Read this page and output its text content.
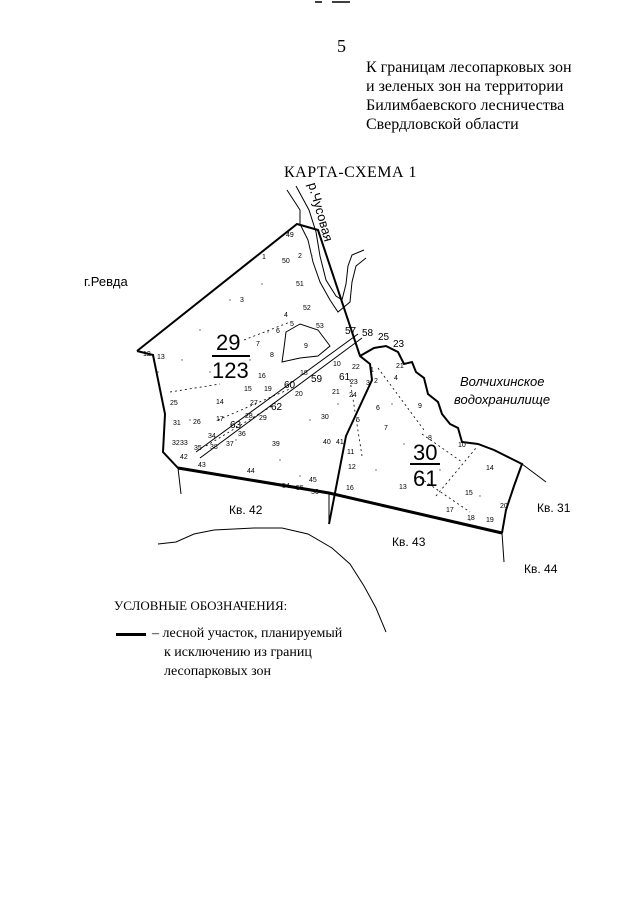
5
К границам лесопарковых зон
и зеленых зон на территории
Билимбаевского лесничества
Свердловской области
КАРТА-СХЕМА 1
г.Ревда
р.Чусовая
Волчихинское
водохранилище
29
123
30
61
Кв. 42
Кв. 43
Кв. 44
Кв. 31
49
2
50
1
51
3
52
4
5	53
6
7
8
9
57 58 25
23
10 22	21
12 13
16	18
59 61 23 3 2 4
1
15 19 60
14	27 62
21 24
20
9
25
31 26 17
63
28 29
6
5
30
36
34
33
32
35 38 37	39
7
40 41
8
10
11
42
43
44
12	14
13
15
54 55
56
45
16
17
18 19
20
УСЛОВНЫЕ ОБОЗНАЧЕНИЯ:
– лесной участок, планируемый
к исключению из границ
лесопарковых зон
